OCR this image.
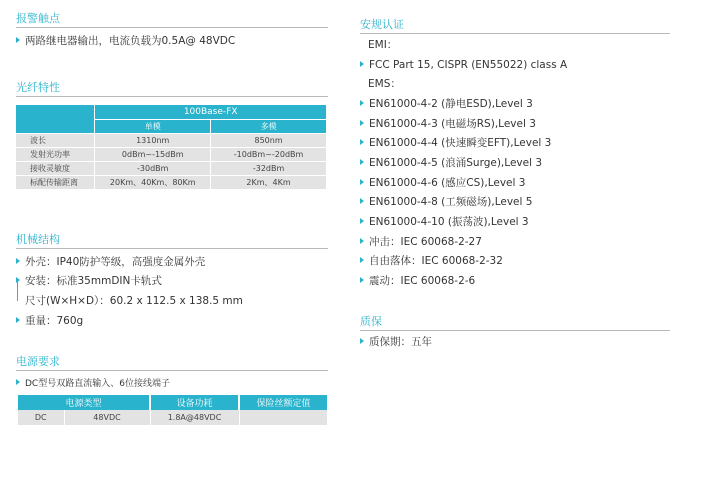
报警触点
两路继电器输出，电流负载为0.5A@ 48VDC
光纤特性
	100Base-FX	
	单模	多模
波长	1310nm	850nm
发射光功率	0dBm~-15dBm	-10dBm~-20dBm
接收灵敏度	-30dBm	-32dBm
标配传输距离	20Km、40Km、80Km	2Km、4Km
机械结构
外壳：IP40防护等级，高强度金属外壳
安装：标准35mmDIN卡轨式
尺寸(W×H×D）：60.2 x 112.5 x 138.5 mm
重量：760g
电源要求
DC型号双路直流输入、6位接线端子
电源类型		设备功耗	保险丝额定值
DC	48VDC	1.8A@48VDC	
安规认证
EMI：
FCC Part 15, CISPR (EN55022) class A
EMS：
EN61000-4-2 (静电ESD),Level 3
EN61000-4-3 (电磁场RS),Level 3
EN61000-4-4 (快速瞬变EFT),Level 3
EN61000-4-5 (浪涌Surge),Level 3
EN61000-4-6 (感应CS),Level 3
EN61000-4-8 (工频磁场),Level 5
EN61000-4-10 (振荡波),Level 3
冲击：IEC 60068-2-27
自由落体：IEC 60068-2-32
震动：IEC 60068-2-6
质保
质保期：五年
